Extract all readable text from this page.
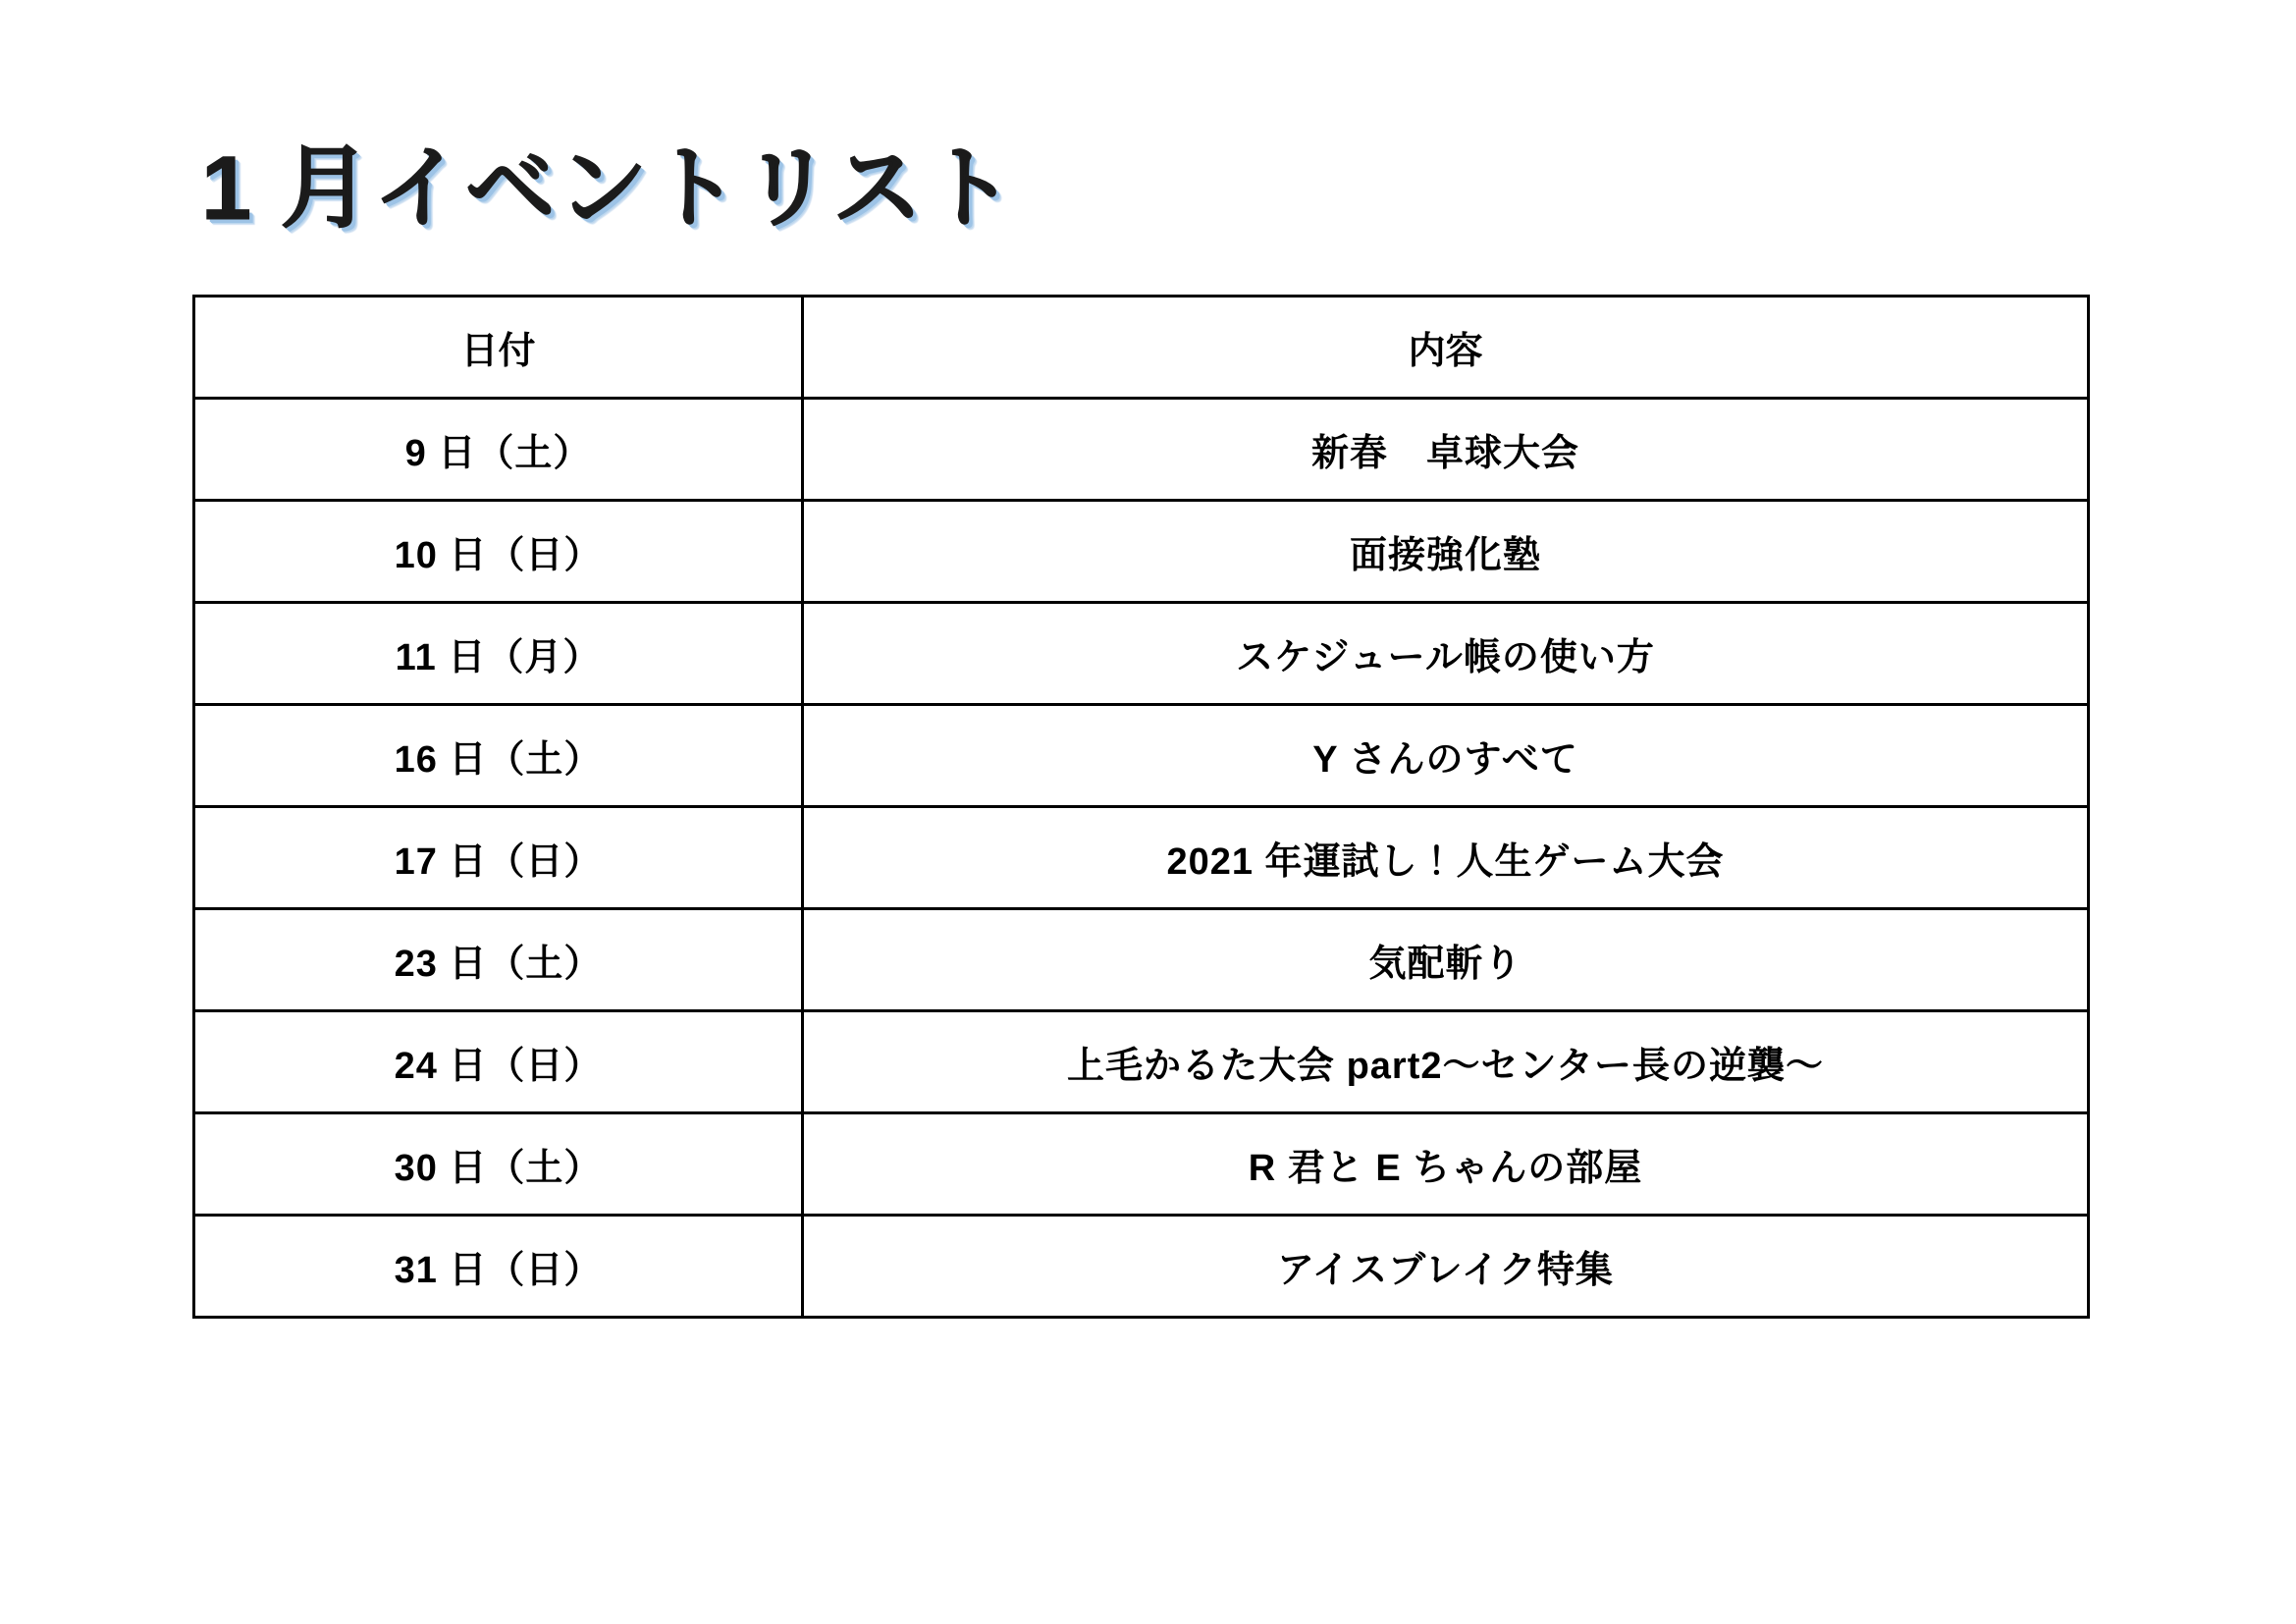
1 月イベントリスト
日付	内容
9 日（土）	新春　卓球大会
10 日（日）	面接強化塾
11 日（月）	スケジュール帳の使い方
16 日（土）	Y さんのすべて
17 日（日）	2021 年運試し！人生ゲーム大会
23 日（土）	気配斬り
24 日（日）	上毛かるた大会 part2～センター長の逆襲～
30 日（土）	R 君と E ちゃんの部屋
31 日（日）	アイスブレイク特集
